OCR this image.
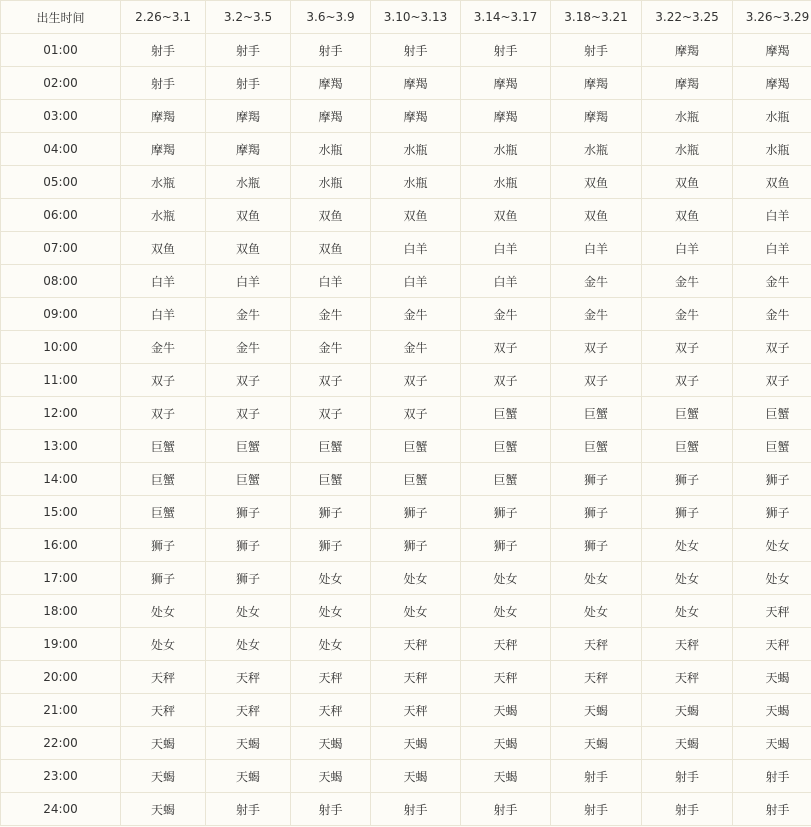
出生时间	2.26~3.1	3.2~3.5	3.6~3.9	3.10~3.13	3.14~3.17	3.18~3.21	3.22~3.25	3.26~3.29
01:00	射手	射手	射手	射手	射手	射手	摩羯	摩羯
02:00	射手	射手	摩羯	摩羯	摩羯	摩羯	摩羯	摩羯
03:00	摩羯	摩羯	摩羯	摩羯	摩羯	摩羯	水瓶	水瓶
04:00	摩羯	摩羯	水瓶	水瓶	水瓶	水瓶	水瓶	水瓶
05:00	水瓶	水瓶	水瓶	水瓶	水瓶	双鱼	双鱼	双鱼
06:00	水瓶	双鱼	双鱼	双鱼	双鱼	双鱼	双鱼	白羊
07:00	双鱼	双鱼	双鱼	白羊	白羊	白羊	白羊	白羊
08:00	白羊	白羊	白羊	白羊	白羊	金牛	金牛	金牛
09:00	白羊	金牛	金牛	金牛	金牛	金牛	金牛	金牛
10:00	金牛	金牛	金牛	金牛	双子	双子	双子	双子
11:00	双子	双子	双子	双子	双子	双子	双子	双子
12:00	双子	双子	双子	双子	巨蟹	巨蟹	巨蟹	巨蟹
13:00	巨蟹	巨蟹	巨蟹	巨蟹	巨蟹	巨蟹	巨蟹	巨蟹
14:00	巨蟹	巨蟹	巨蟹	巨蟹	巨蟹	狮子	狮子	狮子
15:00	巨蟹	狮子	狮子	狮子	狮子	狮子	狮子	狮子
16:00	狮子	狮子	狮子	狮子	狮子	狮子	处女	处女
17:00	狮子	狮子	处女	处女	处女	处女	处女	处女
18:00	处女	处女	处女	处女	处女	处女	处女	天秤
19:00	处女	处女	处女	天秤	天秤	天秤	天秤	天秤
20:00	天秤	天秤	天秤	天秤	天秤	天秤	天秤	天蝎
21:00	天秤	天秤	天秤	天秤	天蝎	天蝎	天蝎	天蝎
22:00	天蝎	天蝎	天蝎	天蝎	天蝎	天蝎	天蝎	天蝎
23:00	天蝎	天蝎	天蝎	天蝎	天蝎	射手	射手	射手
24:00	天蝎	射手	射手	射手	射手	射手	射手	射手
